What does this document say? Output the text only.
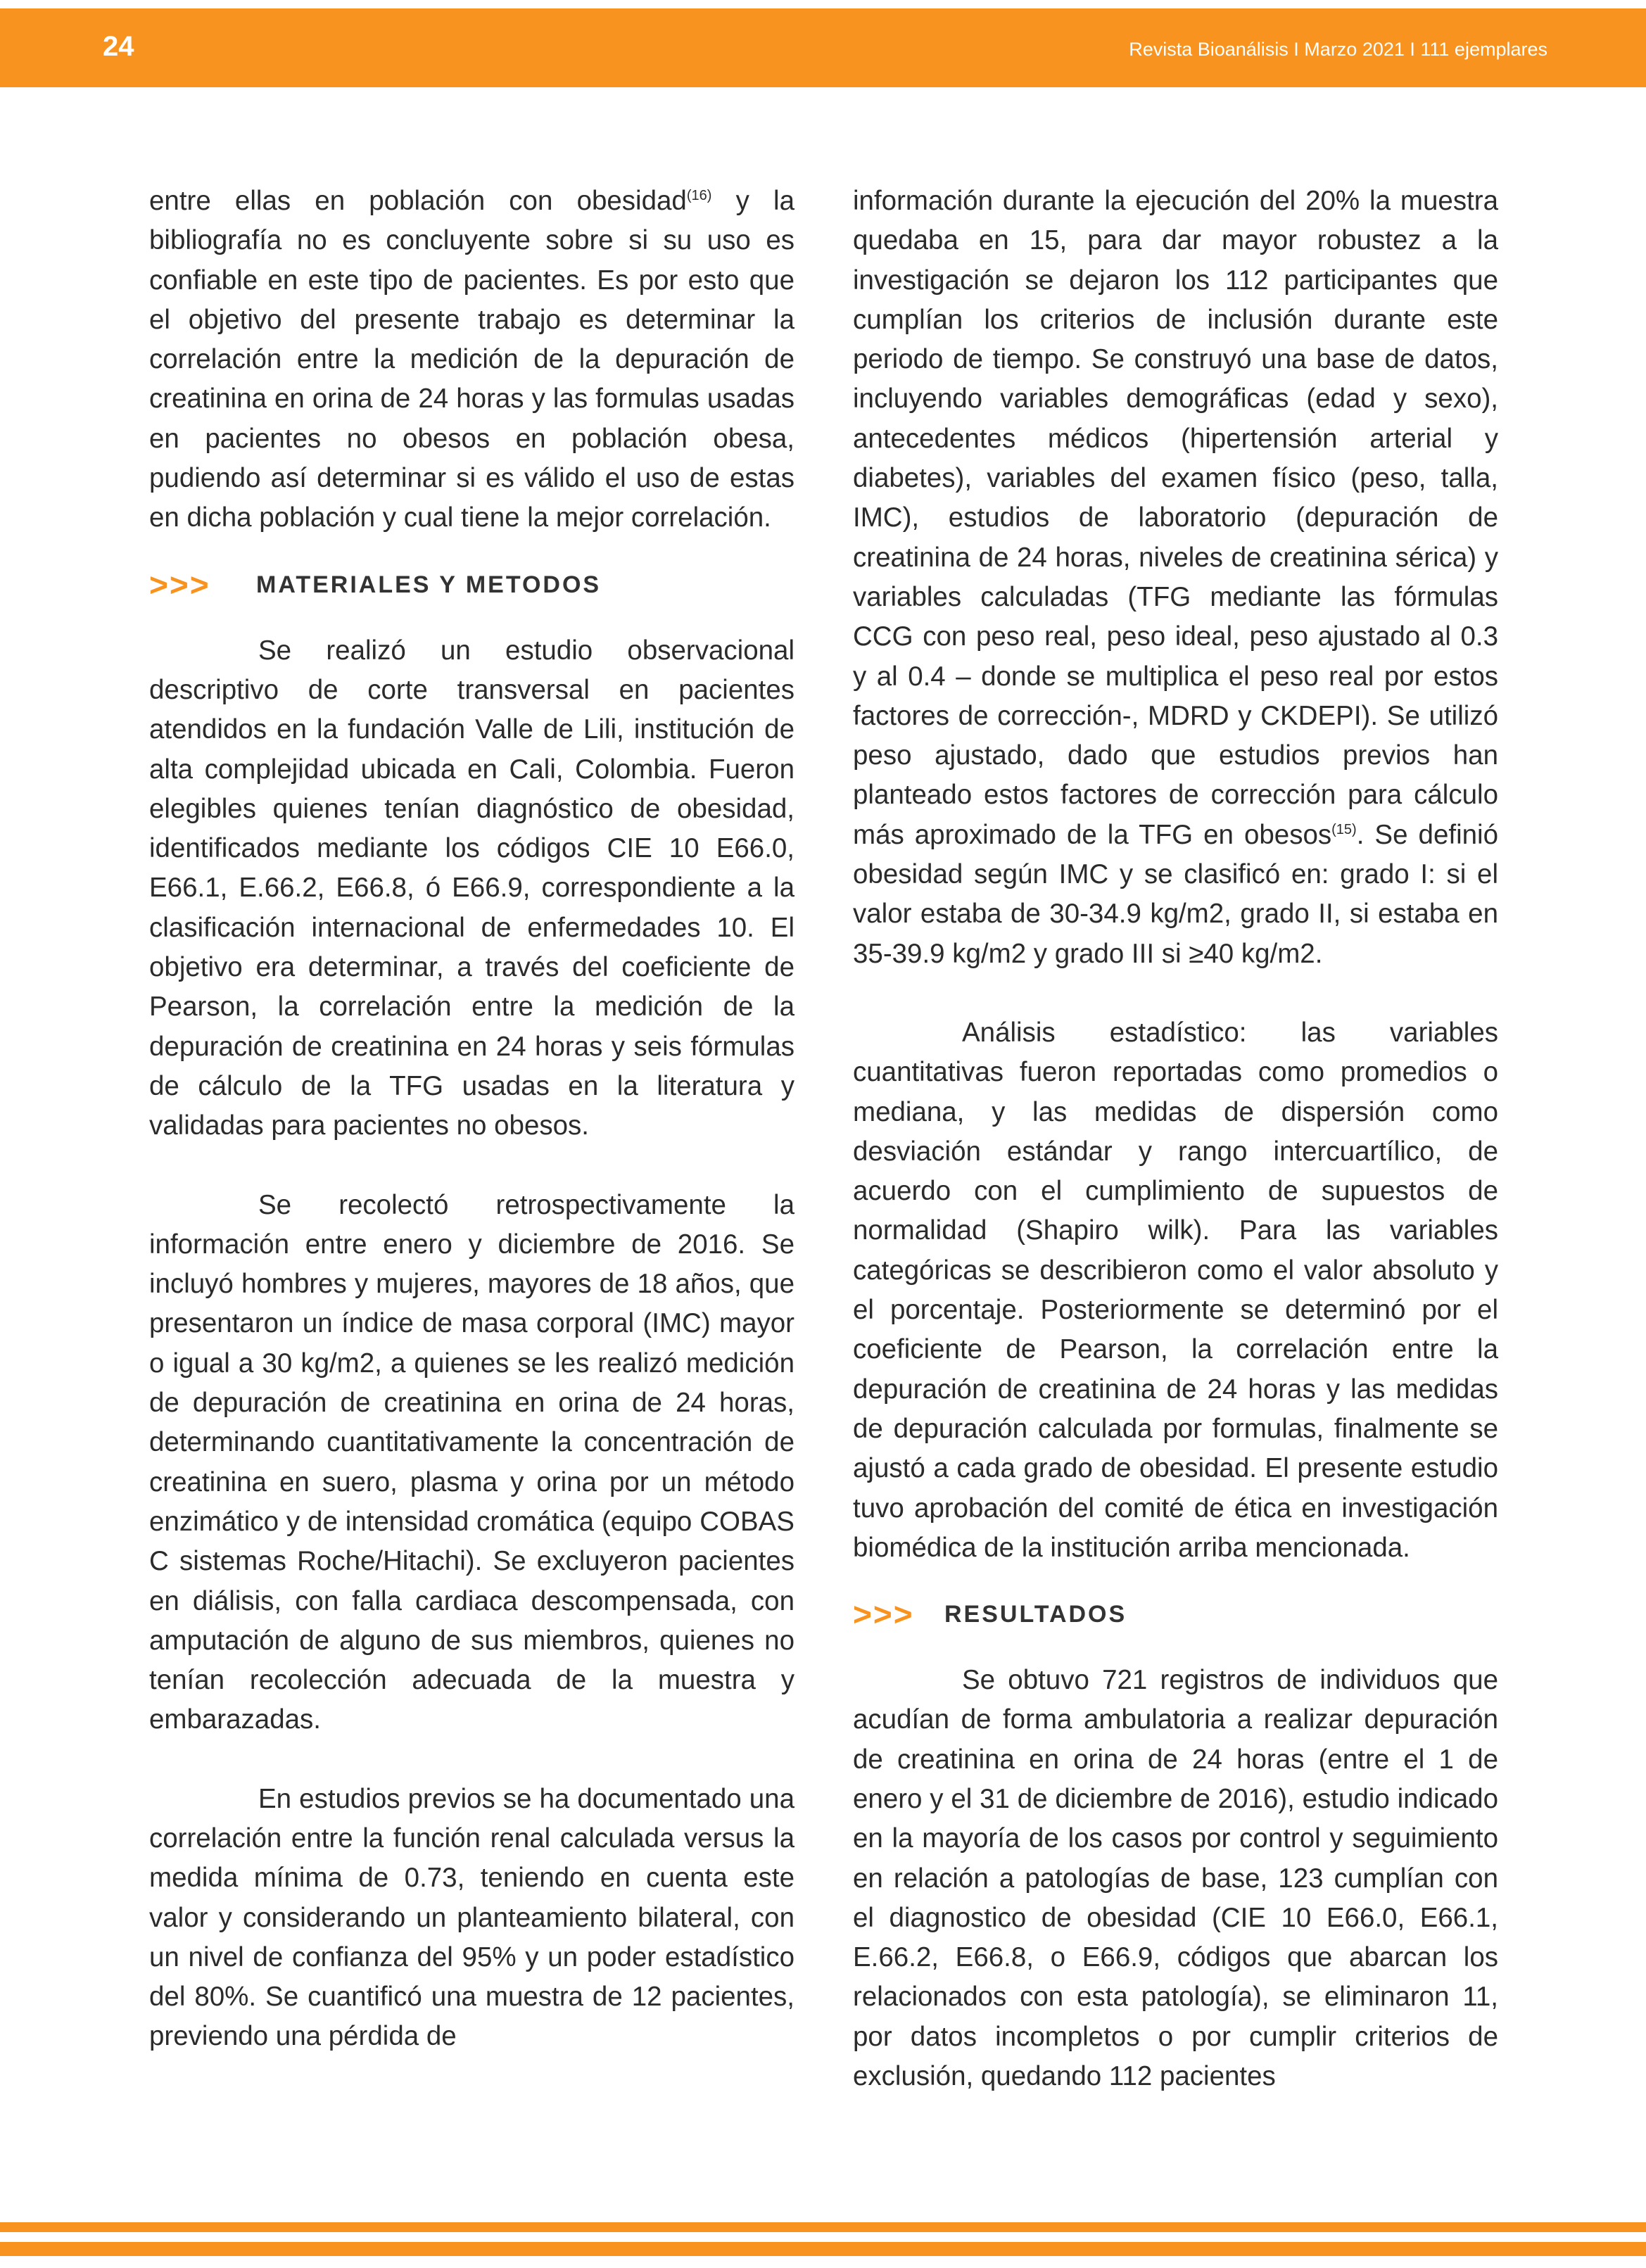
24	Revista Bioanálisis I Marzo 2021 I 111 ejemplares

entre ellas en población con obesidad$^{(16)}$ y la bibliografía no es concluyente sobre si su uso es confiable en este tipo de pacientes. Es por esto que el objetivo del presente trabajo es determinar la correlación entre la medición de la depuración de creatinina en orina de 24 horas y las formulas usadas en pacientes no obesos en población obesa, pudiendo así determinar si es válido el uso de estas en dicha población y cual tiene la mejor correlación.

>>>	MATERIALES Y METODOS

Se realizó un estudio observacional descriptivo de corte transversal en pacientes atendidos en la fundación Valle de Lili, institución de alta complejidad ubicada en Cali, Colombia. Fueron elegibles quienes tenían diagnóstico de obesidad, identificados mediante los códigos CIE 10 E66.0, E66.1, E.66.2, E66.8, ó E66.9, correspondiente a la clasificación internacional de enfermedades 10. El objetivo era determinar, a través del coeficiente de Pearson, la correlación entre la medición de la depuración de creatinina en 24 horas y seis fórmulas de cálculo de la TFG usadas en la literatura y validadas para pacientes no obesos.

Se recolectó retrospectivamente la información entre enero y diciembre de 2016. Se incluyó hombres y mujeres, mayores de 18 años, que presentaron un índice de masa corporal (IMC) mayor o igual a 30 kg/m2, a quienes se les realizó medición de depuración de creatinina en orina de 24 horas, determinando cuantitativamente la concentración de creatinina en suero, plasma y orina por un método enzimático y de intensidad cromática (equipo COBAS C sistemas Roche/Hitachi). Se excluyeron pacientes en diálisis, con falla cardiaca descompensada, con amputación de alguno de sus miembros, quienes no tenían recolección adecuada de la muestra y embarazadas.

En estudios previos se ha documentado una correlación entre la función renal calculada versus la medida mínima de 0.73, teniendo en cuenta este valor y considerando un planteamiento bilateral, con un nivel de confianza del 95% y un poder estadístico del 80%. Se cuantificó una muestra de 12 pacientes, previendo una pérdida de

información durante la ejecución del 20% la muestra quedaba en 15, para dar mayor robustez a la investigación se dejaron los 112 participantes que cumplían los criterios de inclusión durante este periodo de tiempo. Se construyó una base de datos, incluyendo variables demográficas (edad y sexo), antecedentes médicos (hipertensión arterial y diabetes), variables del examen físico (peso, talla, IMC), estudios de laboratorio (depuración de creatinina de 24 horas, niveles de creatinina sérica) y variables calculadas (TFG mediante las fórmulas CCG con peso real, peso ideal, peso ajustado al 0.3 y al 0.4 – donde se multiplica el peso real por estos factores de corrección-, MDRD y CKDEPI). Se utilizó peso ajustado, dado que estudios previos han planteado estos factores de corrección para cálculo más aproximado de la TFG en obesos$^{(15)}$. Se definió obesidad según IMC y se clasificó en: grado I: si el valor estaba de 30-34.9 kg/m2, grado II, si estaba en 35-39.9 kg/m2 y grado III si ≥40 kg/m2.

Análisis estadístico: las variables cuantitativas fueron reportadas como promedios o mediana, y las medidas de dispersión como desviación estándar y rango intercuartílico, de acuerdo con el cumplimiento de supuestos de normalidad (Shapiro wilk). Para las variables categóricas se describieron como el valor absoluto y el porcentaje. Posteriormente se determinó por el coeficiente de Pearson, la correlación entre la depuración de creatinina de 24 horas y las medidas de depuración calculada por formulas, finalmente se ajustó a cada grado de obesidad. El presente estudio tuvo aprobación del comité de ética en investigación biomédica de la institución arriba mencionada.

>>>	RESULTADOS

Se obtuvo 721 registros de individuos que acudían de forma ambulatoria a realizar depuración de creatinina en orina de 24 horas (entre el 1 de enero y el 31 de diciembre de 2016), estudio indicado en la mayoría de los casos por control y seguimiento en relación a patologías de base, 123 cumplían con el diagnostico de obesidad (CIE 10 E66.0, E66.1, E.66.2, E66.8, o E66.9, códigos que abarcan los relacionados con esta patología), se eliminaron 11, por datos incompletos o por cumplir criterios de exclusión, quedando 112 pacientes
